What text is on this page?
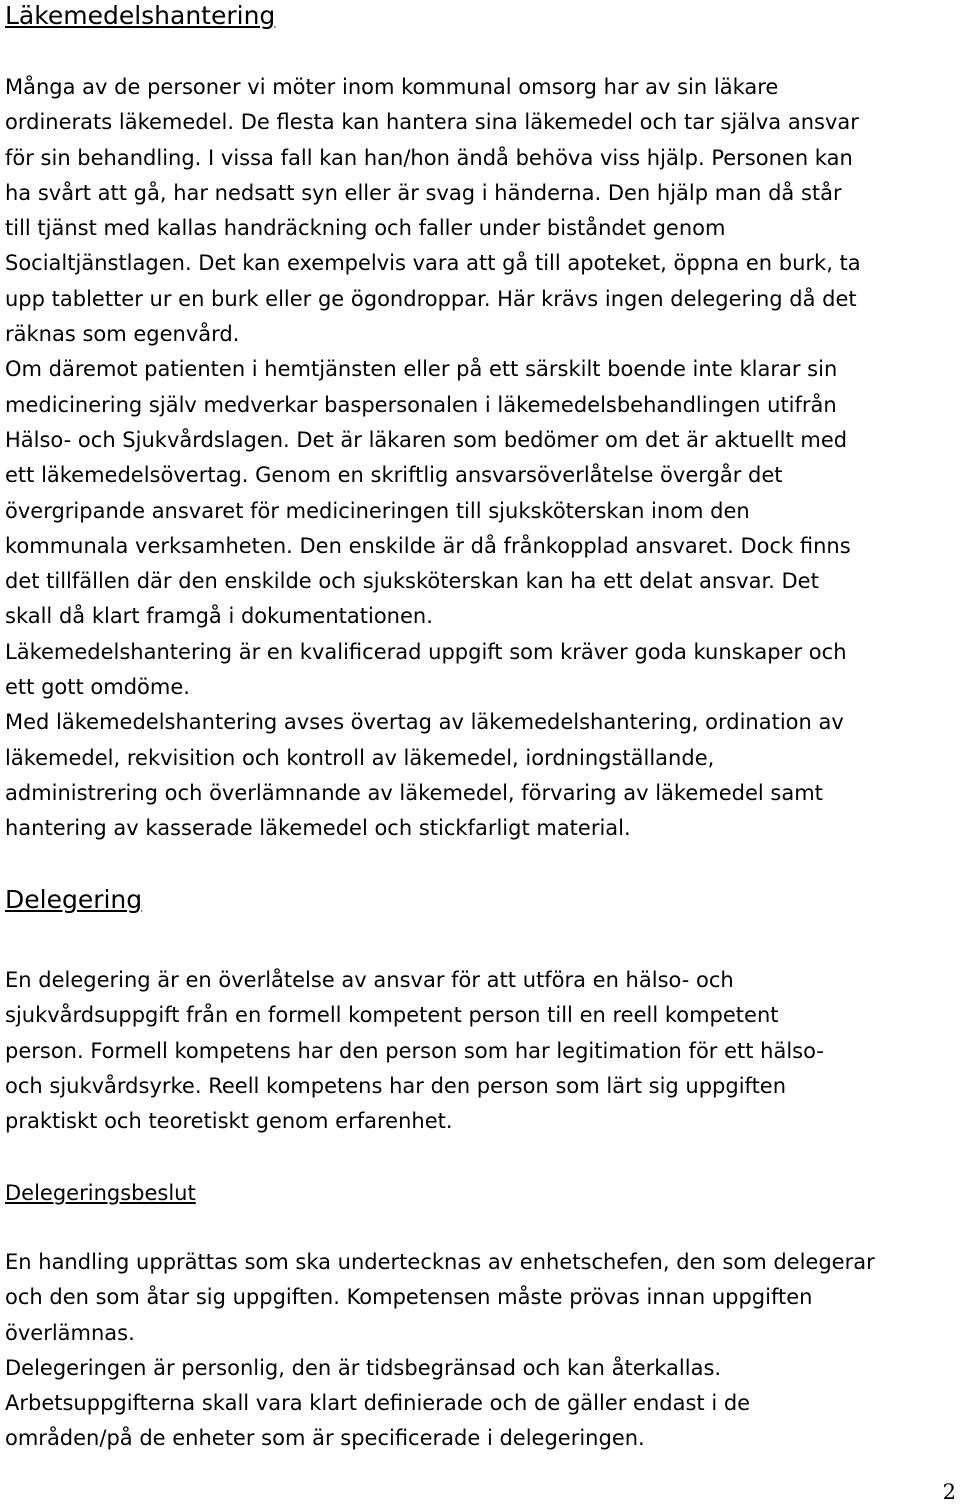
Läkemedelshantering
Många av de personer vi möter inom kommunal omsorg har av sin läkare
ordinerats läkemedel. De flesta kan hantera sina läkemedel och tar själva ansvar
för sin behandling. I vissa fall kan han/hon ändå behöva viss hjälp. Personen kan
ha svårt att gå, har nedsatt syn eller är svag i händerna. Den hjälp man då står
till tjänst med kallas handräckning och faller under biståndet genom
Socialtjänstlagen. Det kan exempelvis vara att gå till apoteket, öppna en burk, ta
upp tabletter ur en burk eller ge ögondroppar. Här krävs ingen delegering då det
räknas som egenvård.
Om däremot patienten i hemtjänsten eller på ett särskilt boende inte klarar sin
medicinering själv medverkar baspersonalen i läkemedelsbehandlingen utifrån
Hälso- och Sjukvårdslagen. Det är läkaren som bedömer om det är aktuellt med
ett läkemedelsövertag. Genom en skriftlig ansvarsöverlåtelse övergår det
övergripande ansvaret för medicineringen till sjuksköterskan inom den
kommunala verksamheten. Den enskilde är då frånkopplad ansvaret. Dock finns
det tillfällen där den enskilde och sjuksköterskan kan ha ett delat ansvar. Det
skall då klart framgå i dokumentationen.
Läkemedelshantering är en kvalificerad uppgift som kräver goda kunskaper och
ett gott omdöme.
Med läkemedelshantering avses övertag av läkemedelshantering, ordination av
läkemedel, rekvisition och kontroll av läkemedel, iordningställande,
administrering och överlämnande av läkemedel, förvaring av läkemedel samt
hantering av kasserade läkemedel och stickfarligt material.
Delegering
En delegering är en överlåtelse av ansvar för att utföra en hälso- och
sjukvårdsuppgift från en formell kompetent person till en reell kompetent
person. Formell kompetens har den person som har legitimation för ett hälso-
och sjukvårdsyrke. Reell kompetens har den person som lärt sig uppgiften
praktiskt och teoretiskt genom erfarenhet.
Delegeringsbeslut
En handling upprättas som ska undertecknas av enhetschefen, den som delegerar
och den som åtar sig uppgiften. Kompetensen måste prövas innan uppgiften
överlämnas.
Delegeringen är personlig, den är tidsbegränsad och kan återkallas.
Arbetsuppgifterna skall vara klart definierade och de gäller endast i de
områden/på de enheter som är specificerade i delegeringen.
2
